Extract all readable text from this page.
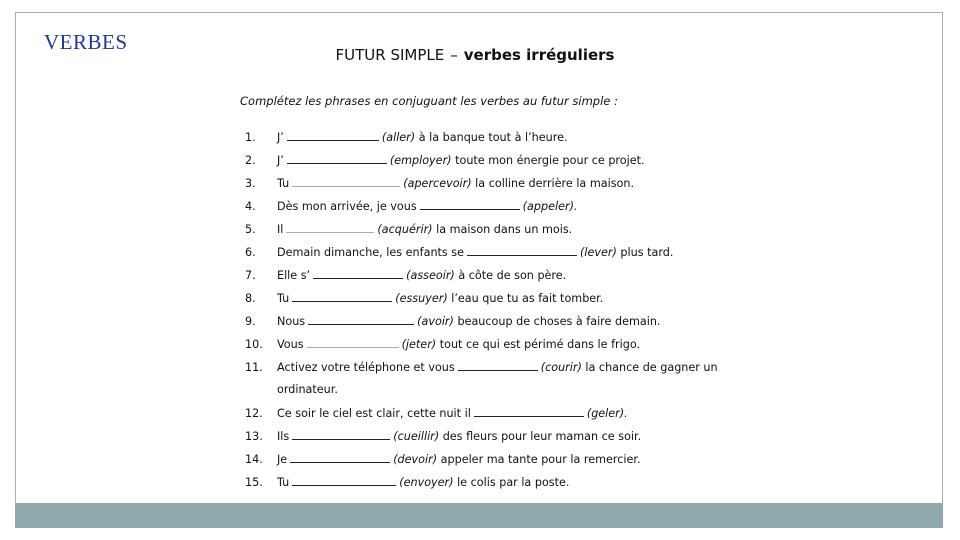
VERBES
FUTUR SIMPLE – verbes irréguliers
Complétez les phrases en conjuguant les verbes au futur simple :
1.	J’	(aller) à la banque tout à l’heure.
2.	J’	(employer) toute mon énergie pour ce projet.
3.	Tu	(apercevoir) la colline derrière la maison.
4.	Dès mon arrivée, je vous	(appeler).
5.	Il	(acquérir) la maison dans un mois.
6.	Demain dimanche, les enfants se	(lever) plus tard.
7.	Elle s’	(asseoir) à côte de son père.
8.	Tu	(essuyer) l’eau que tu as fait tomber.
9.	Nous	(avoir) beaucoup de choses à faire demain.
10.	Vous	(jeter) tout ce qui est périmé dans le frigo.
11.	Activez votre téléphone et vous	(courir) la chance de gagner un
ordinateur.
12.	Ce soir le ciel est clair, cette nuit il	(geler).
13.	Ils	(cueillir) des fleurs pour leur maman ce soir.
14.	Je	(devoir) appeler ma tante pour la remercier.
15.	Tu	(envoyer) le colis par la poste.
